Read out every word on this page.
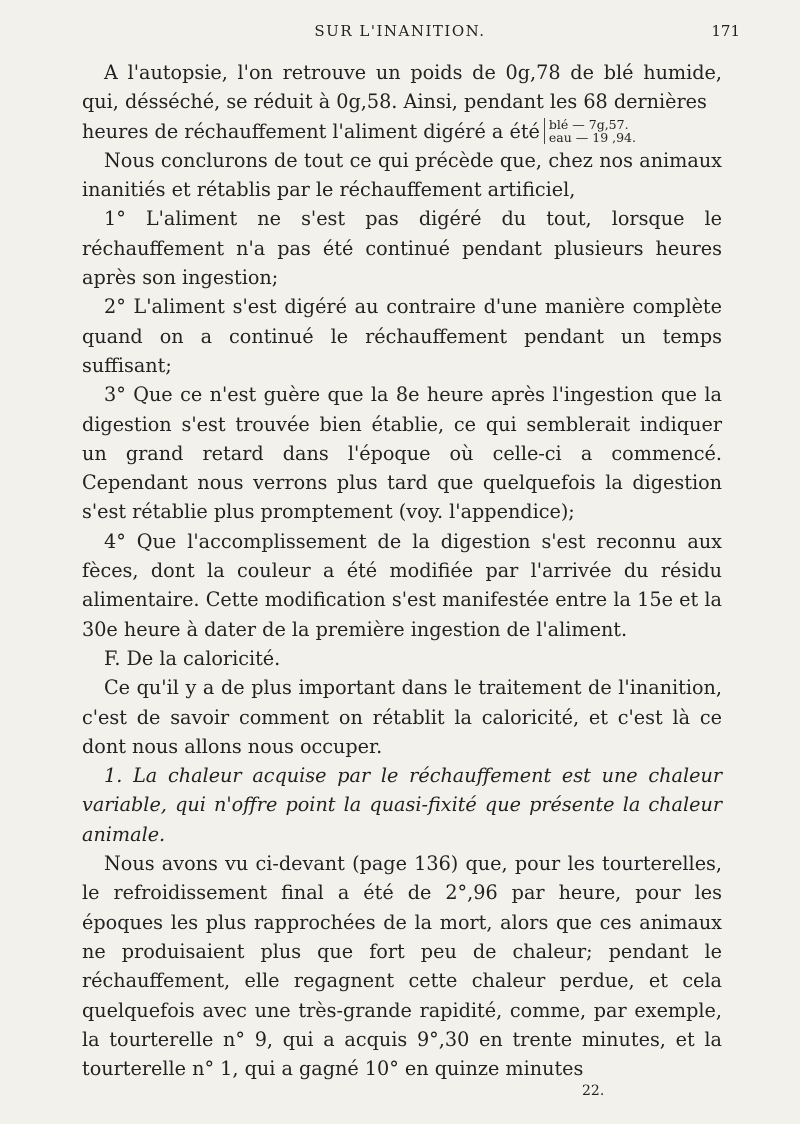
SUR L'INANITION.	171

A l'autopsie, l'on retrouve un poids de 0g,78 de blé humide, qui, désséché, se réduit à 0g,58. Ainsi, pendant les 68 dernières

heures de réchauffement l'aliment digéré a été blé — 7g,57.
eau — 19 ,94.

Nous conclurons de tout ce qui précède que, chez nos animaux inanitiés et rétablis par le réchauffement artificiel,

1° L'aliment ne s'est pas digéré du tout, lorsque le réchauffement n'a pas été continué pendant plusieurs heures après son ingestion;

2° L'aliment s'est digéré au contraire d'une manière complète quand on a continué le réchauffement pendant un temps suffisant;

3° Que ce n'est guère que la 8e heure après l'ingestion que la digestion s'est trouvée bien établie, ce qui semblerait indiquer un grand retard dans l'époque où celle-ci a commencé. Cependant nous verrons plus tard que quelquefois la digestion s'est rétablie plus promptement (voy. l'appendice);

4° Que l'accomplissement de la digestion s'est reconnu aux fèces, dont la couleur a été modifiée par l'arrivée du résidu alimentaire. Cette modification s'est manifestée entre la 15e et la 30e heure à dater de la première ingestion de l'aliment.

F. De la caloricité.

Ce qu'il y a de plus important dans le traitement de l'inanition, c'est de savoir comment on rétablit la caloricité, et c'est là ce dont nous allons nous occuper.

1. La chaleur acquise par le réchauffement est une chaleur variable, qui n'offre point la quasi-fixité que présente la chaleur animale.

Nous avons vu ci-devant (page 136) que, pour les tourterelles, le refroidissement final a été de 2°,96 par heure, pour les époques les plus rapprochées de la mort, alors que ces animaux ne produisaient plus que fort peu de chaleur; pendant le réchauffement, elle regagnent cette chaleur perdue, et cela quelquefois avec une très-grande rapidité, comme, par exemple, la tourterelle n° 9, qui a acquis 9°,30 en trente minutes, et la tourterelle n° 1, qui a gagné 10° en quinze minutes

22.
